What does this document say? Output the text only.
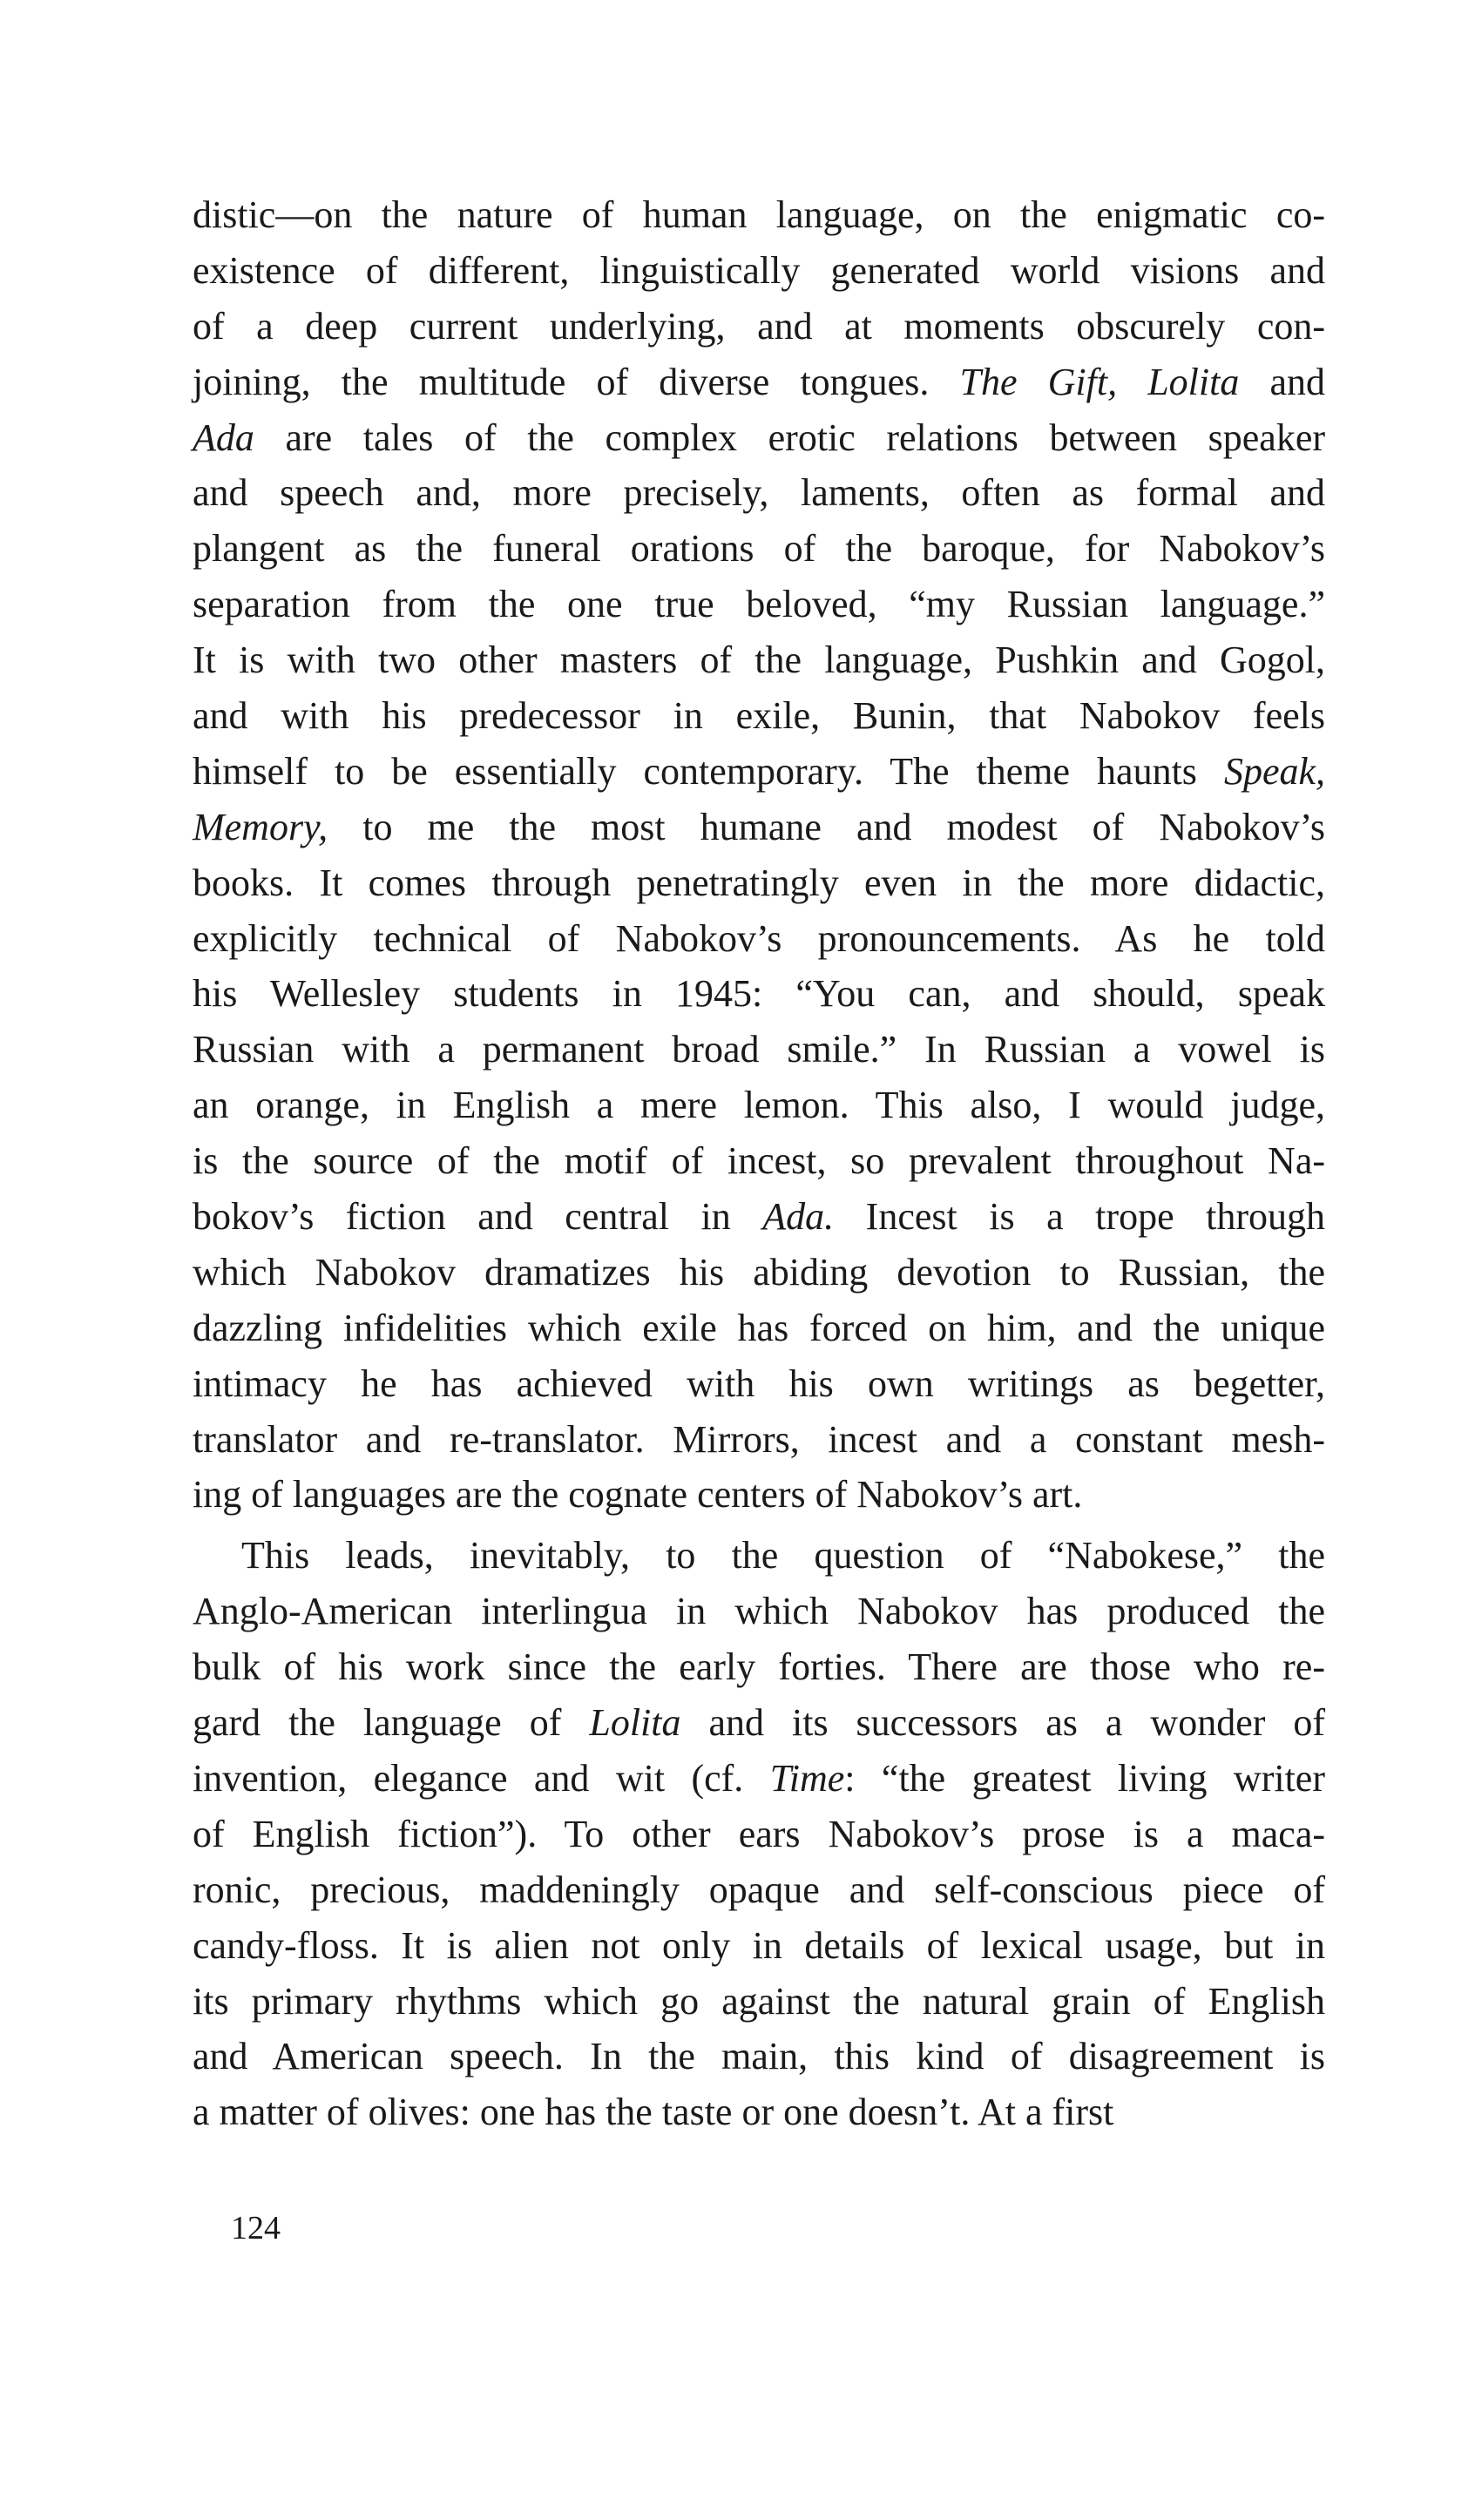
distic—on the nature of human language, on the enigmatic co-
existence of different, linguistically generated world visions and
of a deep current underlying, and at moments obscurely con-
joining, the multitude of diverse tongues. The Gift, Lolita and
Ada are tales of the complex erotic relations between speaker
and speech and, more precisely, laments, often as formal and
plangent as the funeral orations of the baroque, for Nabokov’s
separation from the one true beloved, “my Russian language.”
It is with two other masters of the language, Pushkin and Gogol,
and with his predecessor in exile, Bunin, that Nabokov feels
himself to be essentially contemporary. The theme haunts Speak,
Memory, to me the most humane and modest of Nabokov’s
books. It comes through penetratingly even in the more didactic,
explicitly technical of Nabokov’s pronouncements. As he told
his Wellesley students in 1945: “You can, and should, speak
Russian with a permanent broad smile.” In Russian a vowel is
an orange, in English a mere lemon. This also, I would judge,
is the source of the motif of incest, so prevalent throughout Na-
bokov’s fiction and central in Ada. Incest is a trope through
which Nabokov dramatizes his abiding devotion to Russian, the
dazzling infidelities which exile has forced on him, and the unique
intimacy he has achieved with his own writings as begetter,
translator and re-translator. Mirrors, incest and a constant mesh-
ing of languages are the cognate centers of Nabokov’s art.
This leads, inevitably, to the question of “Nabokese,” the
Anglo-American interlingua in which Nabokov has produced the
bulk of his work since the early forties. There are those who re-
gard the language of Lolita and its successors as a wonder of
invention, elegance and wit (cf. Time: “the greatest living writer
of English fiction”). To other ears Nabokov’s prose is a maca-
ronic, precious, maddeningly opaque and self-conscious piece of
candy-floss. It is alien not only in details of lexical usage, but in
its primary rhythms which go against the natural grain of English
and American speech. In the main, this kind of disagreement is
a matter of olives: one has the taste or one doesn’t. At a first
124
